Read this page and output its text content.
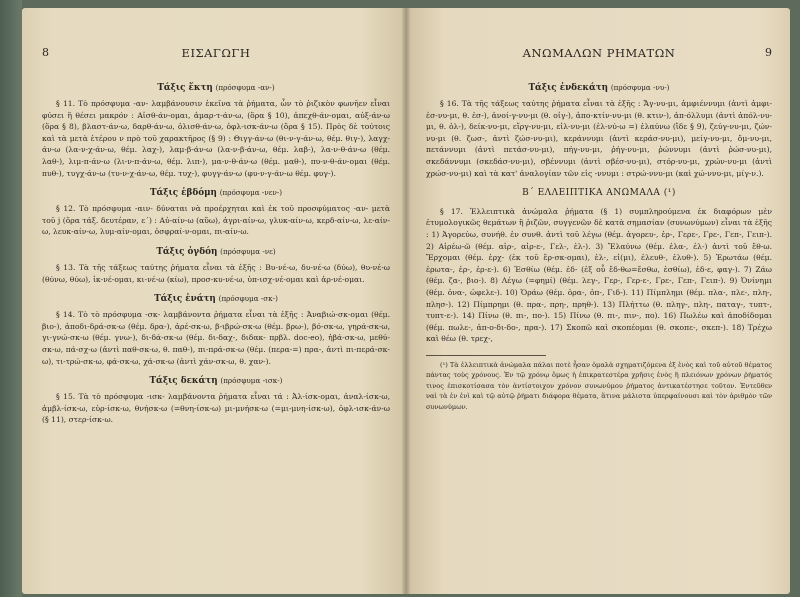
8	ΕΙΣΑΓΩΓΗ
Τάξις ἕκτη (πρόσφυμα -αν-)

§ 11. Τὸ πρόσφυμα -αν- λαμβάνουσιν ἐκεῖνα τὰ ῥήματα, ὧν τὸ ῥιζικὸν φωνῆεν εἶναι φύσει ἢ θέσει μακρόν : Αἰσθ-άν-ομαι, ἁμαρ-τ-άν-ω, (ὅρα § 10), ἀπεχθ-άν-ομαι, αὐξ-άν-ω (ὅρα § 8), βλαστ-άν-ω, δαρθ-άν-ω, ὀλισθ-άν-ω, ὀφλ-ισκ-άν-ω (ὅρα § 15). Πρὸς δὲ τούτοις καὶ τὰ μετὰ ἑτέρου ν πρὸ τοῦ χαρακτῆρος (§ 9) : Θιγγ-άν-ω (θι-ν-γ-άν-ω, θέμ. θιγ-), λαγχ-άν-ω (λα-ν-χ-άν-ω, θέμ. λαχ-), λαμ-β-άν-ω (λα-ν-β-άν-ω, θέμ. λαβ-), λα-ν-θ-άν-ω (θέμ. λαθ-), λιμ-π-άν-ω (λι-ν-π-άν-ω, θέμ. λιπ-), μα-ν-θ-άν-ω (θέμ. μαθ-), πυ-ν-θ-άν-ομαι (θέμ. πυθ-), τυγχ-άν-ω (τυ-ν-χ-άν-ω, θέμ. τυχ-), φυγγ-άν-ω (φυ-ν-γ-άν-ω θέμ. φυγ-).

Τάξις ἑβδόμη (πρόσφυμα -νεν-)

§ 12. Τὸ πρόσφυμα -αιν- δύναται νὰ προέρχηται καὶ ἐκ τοῦ προσφύματος -αν- μετὰ τοῦ j (ὅρα τάξ. δευτέραν, ε΄) : Αὐ-αίν-ω (αὔω), ἀγρι-αίν-ω, γλυκ-αίν-ω, κερδ-αίν-ω, λε-αίν-ω, λευκ-αίν-ω, λυμ-αίν-ομαι, ὀσφραί-ν-ομαι, πι-αίν-ω.

Τάξις ὀγδόη (πρόσφυμα -νε)

§ 13. Τὰ τῆς τάξεως ταύτης ῥήματα εἶναι τὰ ἑξῆς : Βυ-νέ-ω, δυ-νέ-ω (δύω), θυ-νέ-ω (θύνω, θύω), ἱκ-νέ-ομαι, κι-νέ-ω (κίω), προσ-κυ-νέ-ω, ὑπ-ισχ-νέ-ομαι καὶ ἀρ-νέ-ομαι.

Τάξις ἐνάτη (πρόσφυμα -σκ-)

§ 14. Τὸ τὸ πρόσφυμα -σκ- λαμβάνοντα ῥήματα εἶναι τὰ ἑξῆς : Ἀναβιώ-σκ-ομαι (θέμ. βιο-), ἀποδι-δρά-σκ-ω (θέμ. δρα-), ἀρέ-σκ-ω, β-ιβρώ-σκ-ω (θέμ. βρω-), βό-σκ-ω, γηρά-σκ-ω, γι-γνώ-σκ-ω (θέμ. γνω-), δι-δά-σκ-ω (θέμ. δι-δαχ-, διδακ- πρβλ. doc-eo), ἡβά-σκ-ω, μεθύ-σκ-ω, πά-σχ-ω (ἀντὶ παθ-σκ-ω, θ. παθ-), πι-πρά-σκ-ω (θέμ. (περα-=) πρα-, ἀντὶ πι-περά-σκ-ω), τι-τρώ-σκ-ω, φά-σκ-ω, χά-σκ-ω (ἀντὶ χάν-σκ-ω, θ. χαν-).

Τάξις δεκάτη (πρόσφυμα -ισκ-)

§ 15. Τὰ τὸ πρόσφυμα -ισκ- λαμβάνοντα ῥήματα εἶναι τά : Ἀλ-ίσκ-ομαι, ἀναλ-ίσκ-ω, ἀμβλ-ίσκ-ω, εὑρ-ίσκ-ω, θνήσκ-ω (=θνη-ίσκ-ω) μι-μνήσκ-ω (=μι-μνη-ίσκ-ω), ὀφλ-ισκ-άν-ω (§ 11), στερ-ίσκ-ω.

ΑΝΩΜΑΛΩΝ ΡΗΜΑΤΩΝ	9
Τάξις ἑνδεκάτη (πρόσφυμα -νυ-)

§ 16. Τὰ τῆς τάξεως ταύτης ῥήματα εἶναι τὰ ἑξῆς : Ἄγ-νυ-μι, ἀμφιέννυμι (ἀντὶ ἀμφι-ἐσ-νυ-μι, θ. ἐσ-), ἀνοί-γ-νυ-μι (θ. οἰγ-), ἀπο-κτίν-νυ-μι (θ. κτιν-), ἀπ-όλλυμι (ἀντὶ ἀπόλ-νυ-μι, θ. ὀλ-), δείκ-νυ-μι, εἴργ-νυ-μι, εἰλ-νυ-μι (ἐλ-νύ-ω =) ἐλαύνω (ἴδε § 9), ζεύγ-νυ-μι, ζών-νυ-μι (θ. ζωσ-, ἀντὶ ζώσ-νυ-μι), κεράννυμι (ἀντὶ κεράσ-νυ-μι), μείγ-νυ-μι, ὄμ-νυ-μι, πετάννυμι (ἀντὶ πετάσ-νυ-μι), πήγ-νυ-μι, ῥήγ-νυ-μι, ῥώννυμι (ἀντὶ ῥώσ-νυ-μι), σκεδάννυμι (σκεδάσ-νυ-μι), σβέννυμι (ἀντὶ σβέσ-νυ-μι), στόρ-νυ-μι, χρών-νυ-μι (ἀντὶ χρώσ-νυ-μι) καὶ τὰ κατ' ἀναλογίαν τῶν εἰς -ννυμι : στρώ-ννυ-μι (καὶ χώ-ννυ-μι, μίγ-ν.).

Β΄ ΕΛΛΕΙΠΤΙΚΑ ΑΝΩΜΑΛΑ (¹)

§ 17. Ἐλλειπτικὰ ἀνώμαλα ῥήματα (§ 1) συμπληρούμενα ἐκ διαφόρων μὲν ἐτυμολογικῶς θεμάτων ἢ ῥιζῶν, συγγενῶν δὲ κατὰ σημασίαν (συνωνύμων) εἶναι τὰ ἑξῆς : 1) Ἀγορεύω, συνήθ. ἐν συνθ. ἀντὶ τοῦ λέγω (θέμ. ἀγορευ-, ἐρ-, Γερε-, Γρε-, Γεπ-, Γειπ-). 2) Αἱρέω-ῶ (θέμ. αἱρ-, αἱρ-ε-, Γελ-, ἑλ-). 3) Ἔλαύνω (θέμ. ἐλα-, ἐλ-) ἀντὶ τοῦ ἔθ-ω. Ἔρχομαι (θέμ. ἐρχ- (ἐκ τοῦ ἔρ-σκ-ομαι), ἐλ-, εἰ(μι), ἐλευθ-, ἐλυθ-). 5) Ἐρωτάω (θέμ. ἐρωτα-, ἐρ-, ἐρ-ε-). 6) Ἐσθίω (θέμ. ἐδ- (ἐξ οὗ ἔδ-θω=ἔσθω, ἐσθίω), ἐδ-ε, φαγ-). 7) Ζάω (θέμ. ζα-, βιο-). 8) Λέγω (=φημί) (θέμ. λεγ-, Γερ-, Γερ-ε-, Γρε-, Γεπ-, Γειπ-). 9) Ὀνίνημι (θέμ. ὀνα-, ὠφελε-). 10) Ὁράω (θέμ. ὁρα-, ὀπ-, Γιδ-). 11) Πίμπλημι (θέμ. πλα-, πλε-, πλη-, πλησ-). 12) Πίμπρημι (θ. πρα-, πρη-, πρηθ-). 13) Πλήττω (θ. πληγ-, πλη-, παταγ-, τυπτ-, τυπτ-ε-). 14) Πίνω (θ. πι-, πο-). 15) Πίνω (θ. πι-, πιν-, πο). 16) Πωλέω καὶ ἀποδίδομαι (θέμ. πωλε-, ἀπ-ο-δι-δο-, πρα-). 17) Σκοπῶ καὶ σκοπέομαι (θ. σκοπε-, σκεπ-). 18) Τρέχω καὶ θέω (θ. τρεχ-,

(¹) Τὰ ἐλλειπτικὰ ἀνώμαλα πάλαι ποτὲ ἦσαν ὁμαλὰ σχηματιζόμενα ἐξ ἑνὸς καὶ τοῦ αὐτοῦ θέματος πάντας τοὺς χρόνους. Ἐν τῷ χρόνῳ ὅμως ἡ ἐπικρατεστέρα χρῆσις ἑνὸς ἢ πλειόνων χρόνων ῥήματός τινος ἐπισκοτίσασα τὸν ἀντίστοιχον χρόνον συνωνύμου ῥήματος ἀντικατέστησε τοῦτον. Ἐντεῦθεν ναὶ τὰ ἐν ἑνὶ καὶ τῷ αὐτῷ ῥήματι διάφορα θέματα, ἅτινα μάλιστα ὑπερφαίνουσι καὶ τὸν ἀριθμὸν τῶν συνωνύμων.
